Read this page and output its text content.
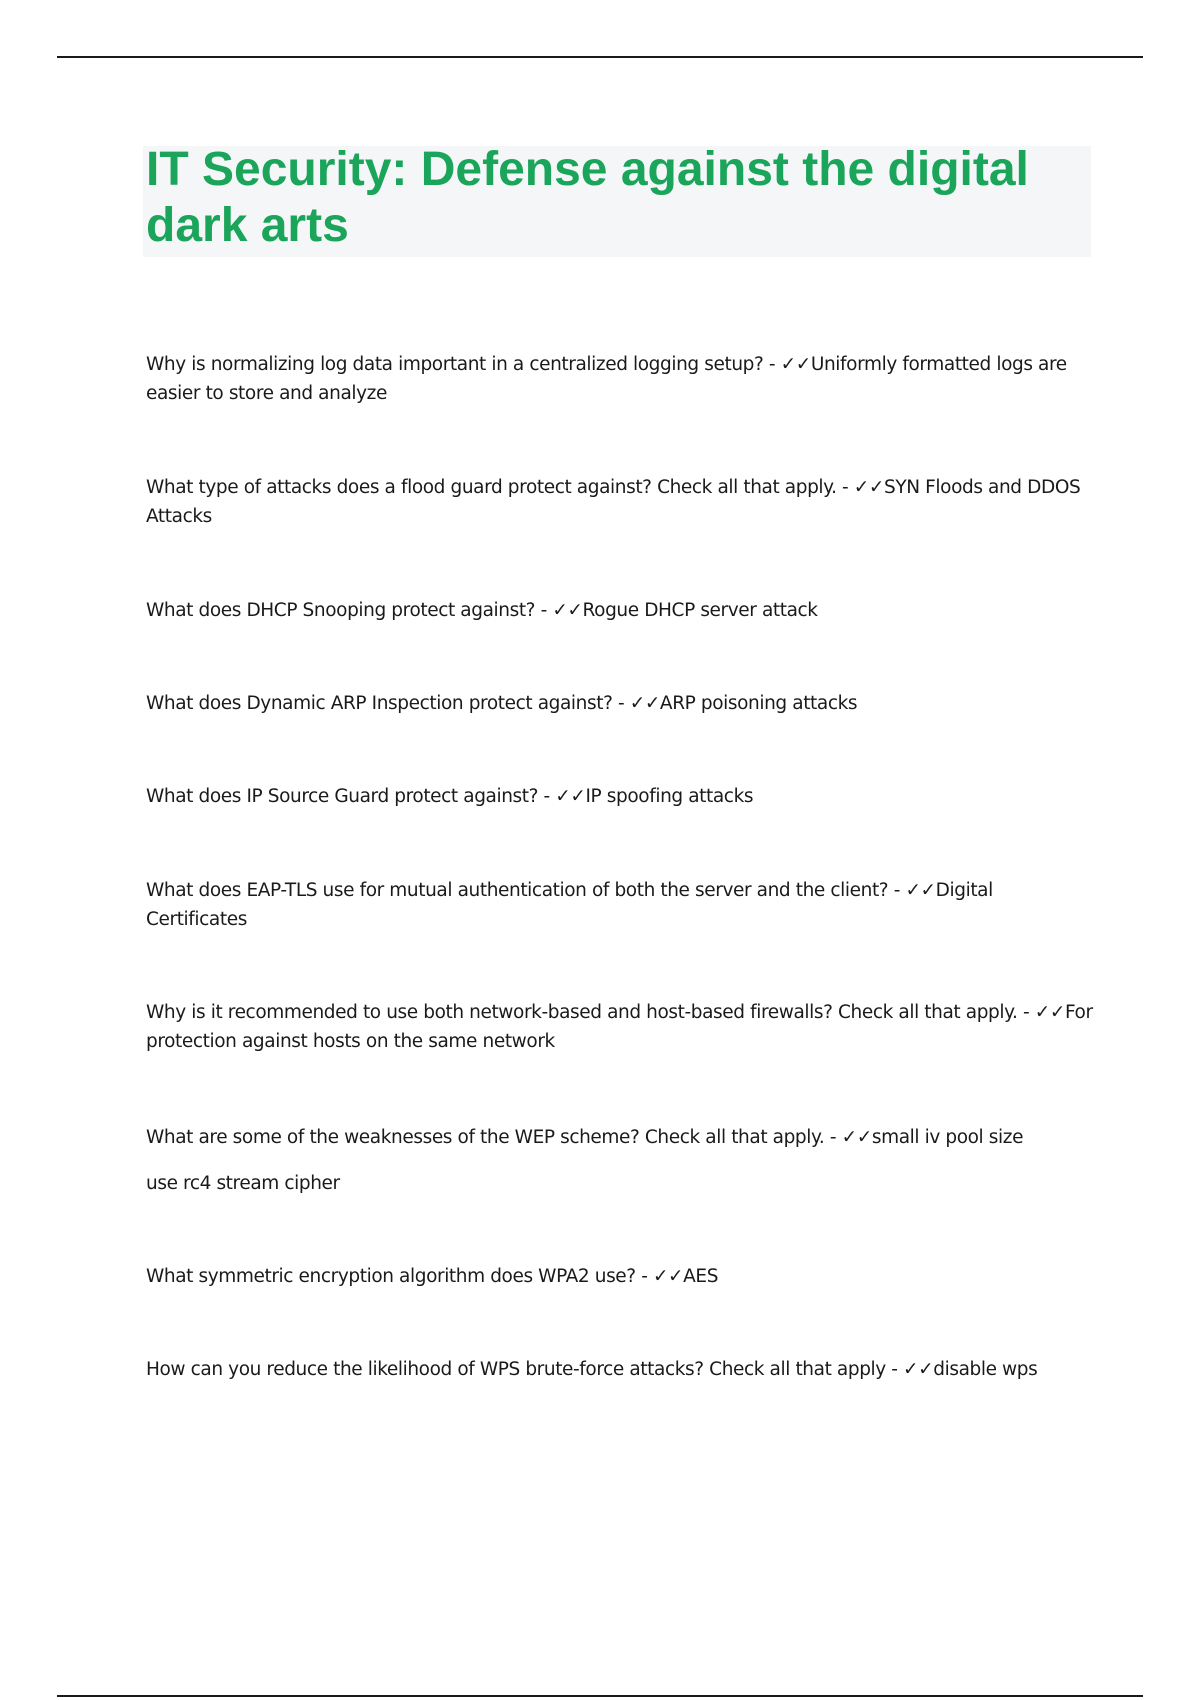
IT Security: Defense against the digital dark arts

Why is normalizing log data important in a centralized logging setup? - ✓✓Uniformly formatted logs are easier to store and analyze

What type of attacks does a flood guard protect against? Check all that apply. - ✓✓SYN Floods and DDOS Attacks

What does DHCP Snooping protect against? - ✓✓Rogue DHCP server attack

What does Dynamic ARP Inspection protect against? - ✓✓ARP poisoning attacks

What does IP Source Guard protect against? - ✓✓IP spoofing attacks

What does EAP-TLS use for mutual authentication of both the server and the client? - ✓✓Digital Certificates

Why is it recommended to use both network-based and host-based firewalls? Check all that apply. - ✓✓For protection against hosts on the same network

What are some of the weaknesses of the WEP scheme? Check all that apply. - ✓✓small iv pool size
use rc4 stream cipher

What symmetric encryption algorithm does WPA2 use? - ✓✓AES

How can you reduce the likelihood of WPS brute-force attacks? Check all that apply - ✓✓disable wps
